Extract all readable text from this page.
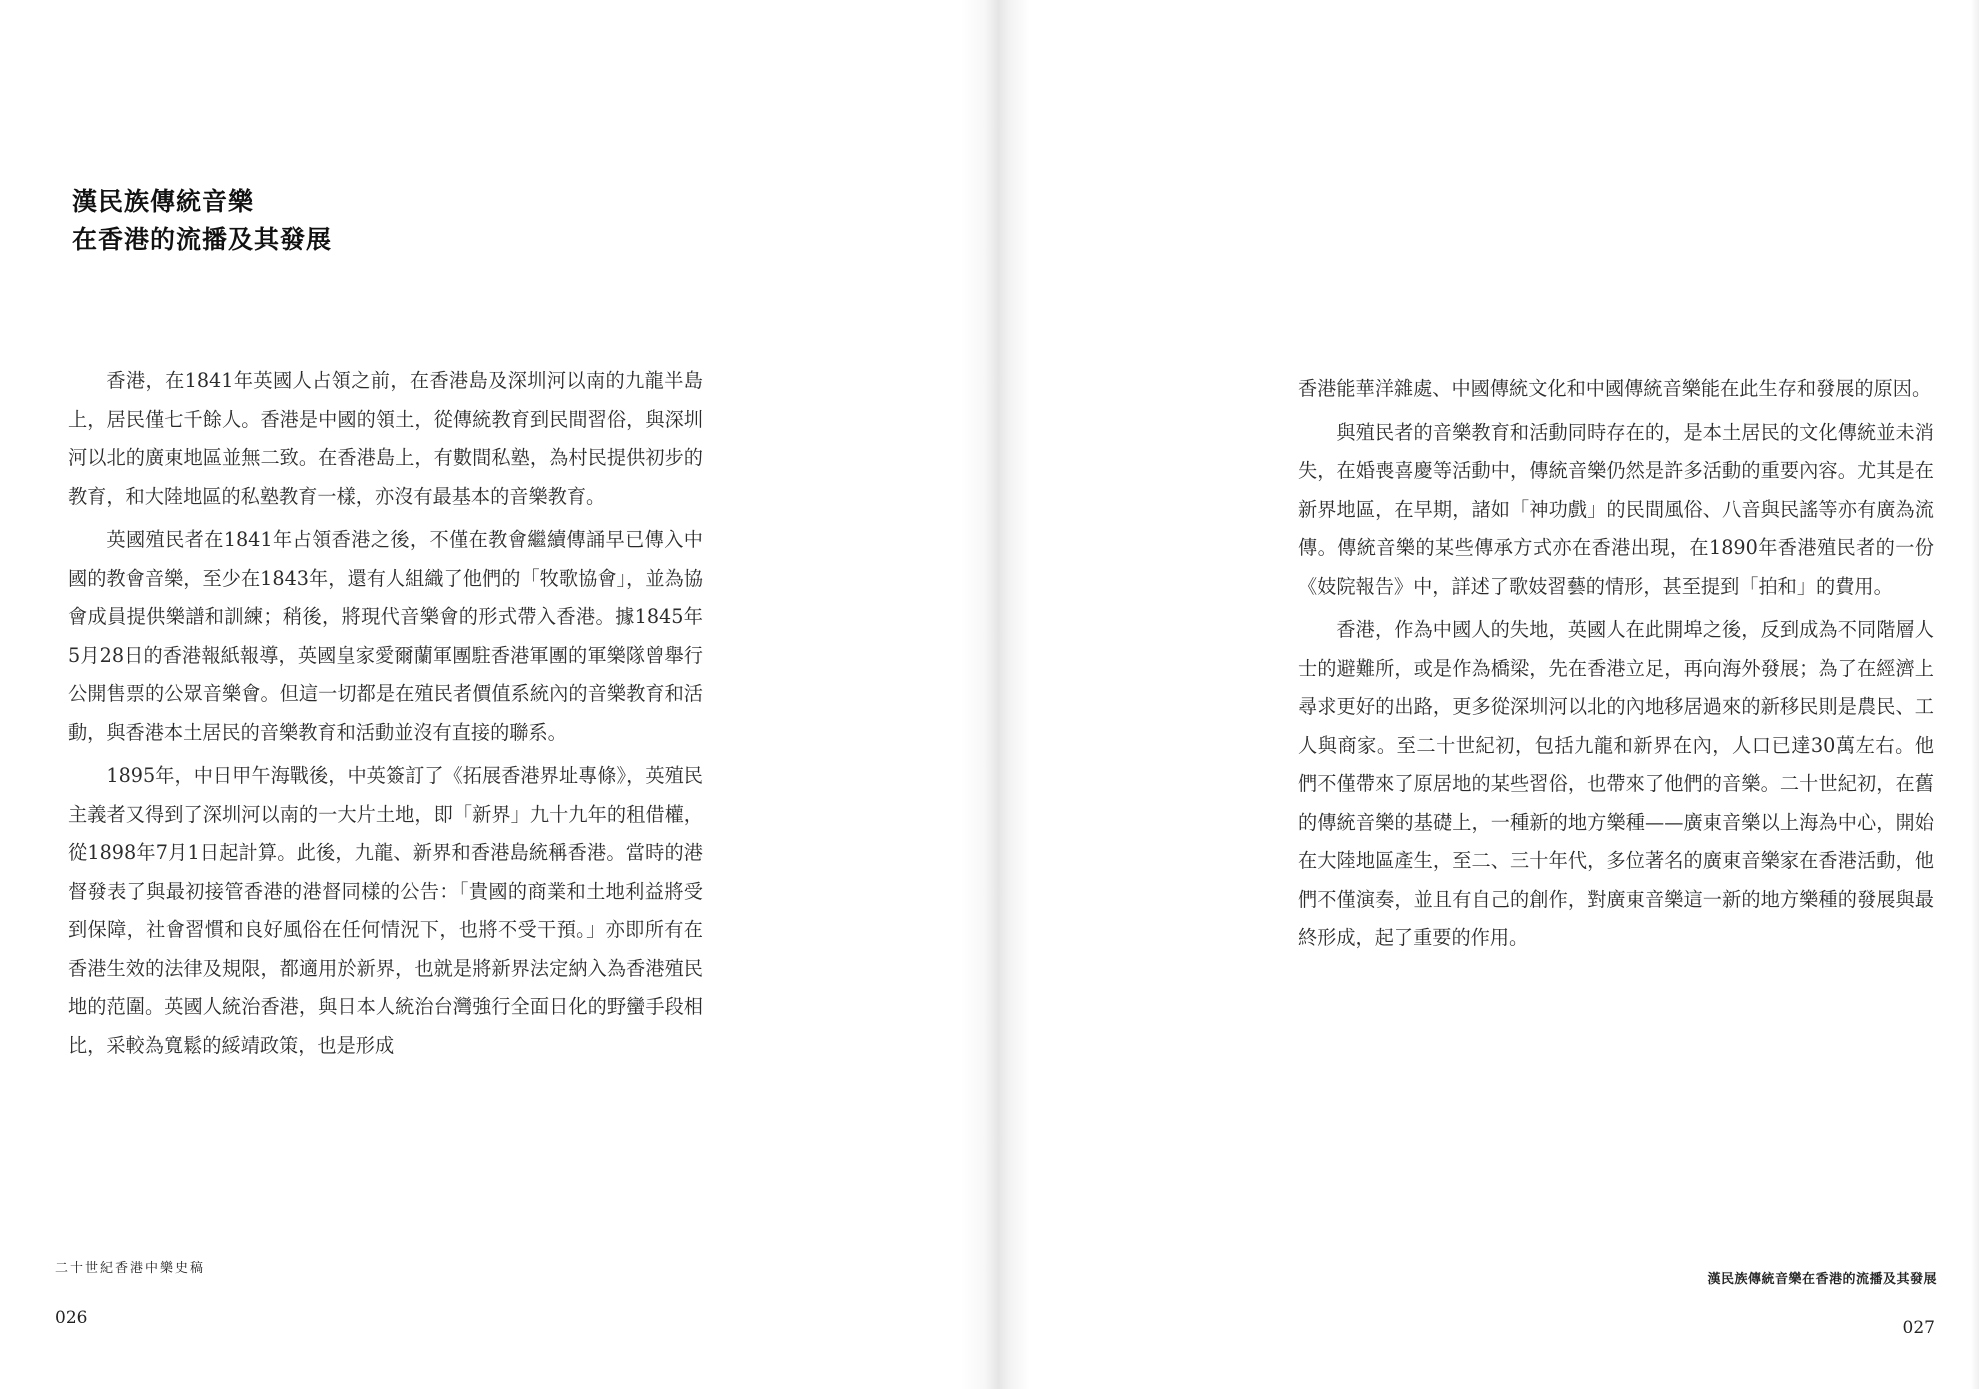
漢民族傳統音樂
在香港的流播及其發展

香港，在1841年英國人占領之前，在香港島及深圳河以南的九龍半島上，居民僅七千餘人。香港是中國的領土，從傳統教育到民間習俗，與深圳河以北的廣東地區並無二致。在香港島上，有數間私塾，為村民提供初步的教育，和大陸地區的私塾教育一樣，亦沒有最基本的音樂教育。

英國殖民者在1841年占領香港之後，不僅在教會繼續傳誦早已傳入中國的教會音樂，至少在1843年，還有人組織了他們的「牧歌協會」，並為協會成員提供樂譜和訓練；稍後，將現代音樂會的形式帶入香港。據1845年5月28日的香港報紙報導，英國皇家愛爾蘭軍團駐香港軍團的軍樂隊曾舉行公開售票的公眾音樂會。但這一切都是在殖民者價值系統內的音樂教育和活動，與香港本土居民的音樂教育和活動並沒有直接的聯系。

1895年，中日甲午海戰後，中英簽訂了《拓展香港界址專條》，英殖民主義者又得到了深圳河以南的一大片土地，即「新界」九十九年的租借權，從1898年7月1日起計算。此後，九龍、新界和香港島統稱香港。當時的港督發表了與最初接管香港的港督同樣的公告：「貴國的商業和土地利益將受到保障，社會習慣和良好風俗在任何情況下，也將不受干預。」亦即所有在香港生效的法律及規限，都適用於新界，也就是將新界法定納入為香港殖民地的范圍。英國人統治香港，與日本人統治台灣強行全面日化的野蠻手段相比，采較為寬鬆的綏靖政策，也是形成

二十世紀香港中樂史稿
026

香港能華洋雜處、中國傳統文化和中國傳統音樂能在此生存和發展的原因。

與殖民者的音樂教育和活動同時存在的，是本土居民的文化傳統並未消失，在婚喪喜慶等活動中，傳統音樂仍然是許多活動的重要內容。尤其是在新界地區，在早期，諸如「神功戲」的民間風俗、八音與民謠等亦有廣為流傳。傳統音樂的某些傳承方式亦在香港出現，在1890年香港殖民者的一份《妓院報告》中，詳述了歌妓習藝的情形，甚至提到「拍和」的費用。

香港，作為中國人的失地，英國人在此開埠之後，反到成為不同階層人士的避難所，或是作為橋梁，先在香港立足，再向海外發展；為了在經濟上尋求更好的出路，更多從深圳河以北的內地移居過來的新移民則是農民、工人與商家。至二十世紀初，包括九龍和新界在內，人口已達30萬左右。他們不僅帶來了原居地的某些習俗，也帶來了他們的音樂。二十世紀初，在舊的傳統音樂的基礎上，一種新的地方樂種——廣東音樂以上海為中心，開始在大陸地區產生，至二、三十年代，多位著名的廣東音樂家在香港活動，他們不僅演奏，並且有自己的創作，對廣東音樂這一新的地方樂種的發展與最終形成，起了重要的作用。

漢民族傳統音樂在香港的流播及其發展
027
